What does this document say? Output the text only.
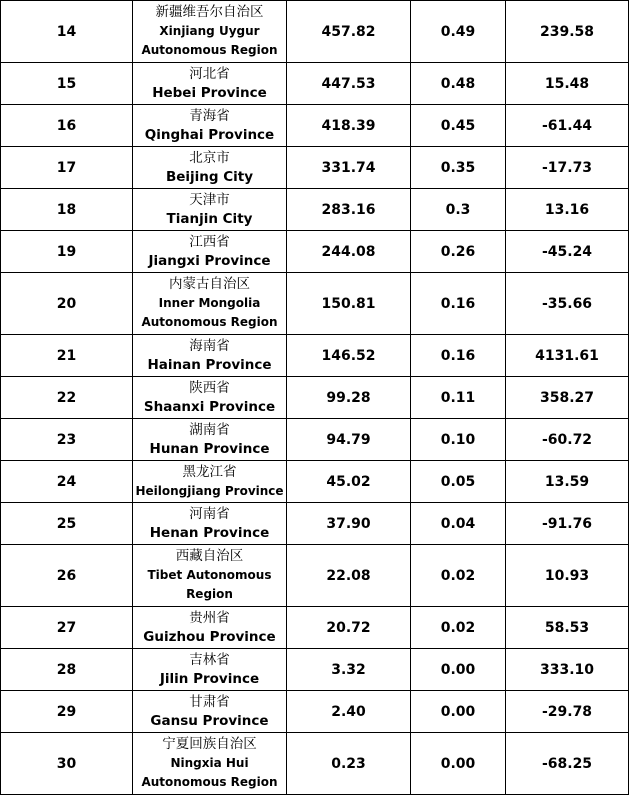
14	新疆维吾尔自治区
Xinjiang Uygur
Autonomous Region	457.82	0.49	239.58
15	河北省
Hebei Province	447.53	0.48	15.48
16	青海省
Qinghai Province	418.39	0.45	-61.44
17	北京市
Beijing City	331.74	0.35	-17.73
18	天津市
Tianjin City	283.16	0.3	13.16
19	江西省
Jiangxi Province	244.08	0.26	-45.24
20	内蒙古自治区
Inner Mongolia
Autonomous Region	150.81	0.16	-35.66
21	海南省
Hainan Province	146.52	0.16	4131.61
22	陕西省
Shaanxi Province	99.28	0.11	358.27
23	湖南省
Hunan Province	94.79	0.10	-60.72
24	黑龙江省
Heilongjiang Province	45.02	0.05	13.59
25	河南省
Henan Province	37.90	0.04	-91.76
26	西藏自治区
Tibet Autonomous
Region	22.08	0.02	10.93
27	贵州省
Guizhou Province	20.72	0.02	58.53
28	吉林省
Jilin Province	3.32	0.00	333.10
29	甘肃省
Gansu Province	2.40	0.00	-29.78
30	宁夏回族自治区
Ningxia Hui
Autonomous Region	0.23	0.00	-68.25
